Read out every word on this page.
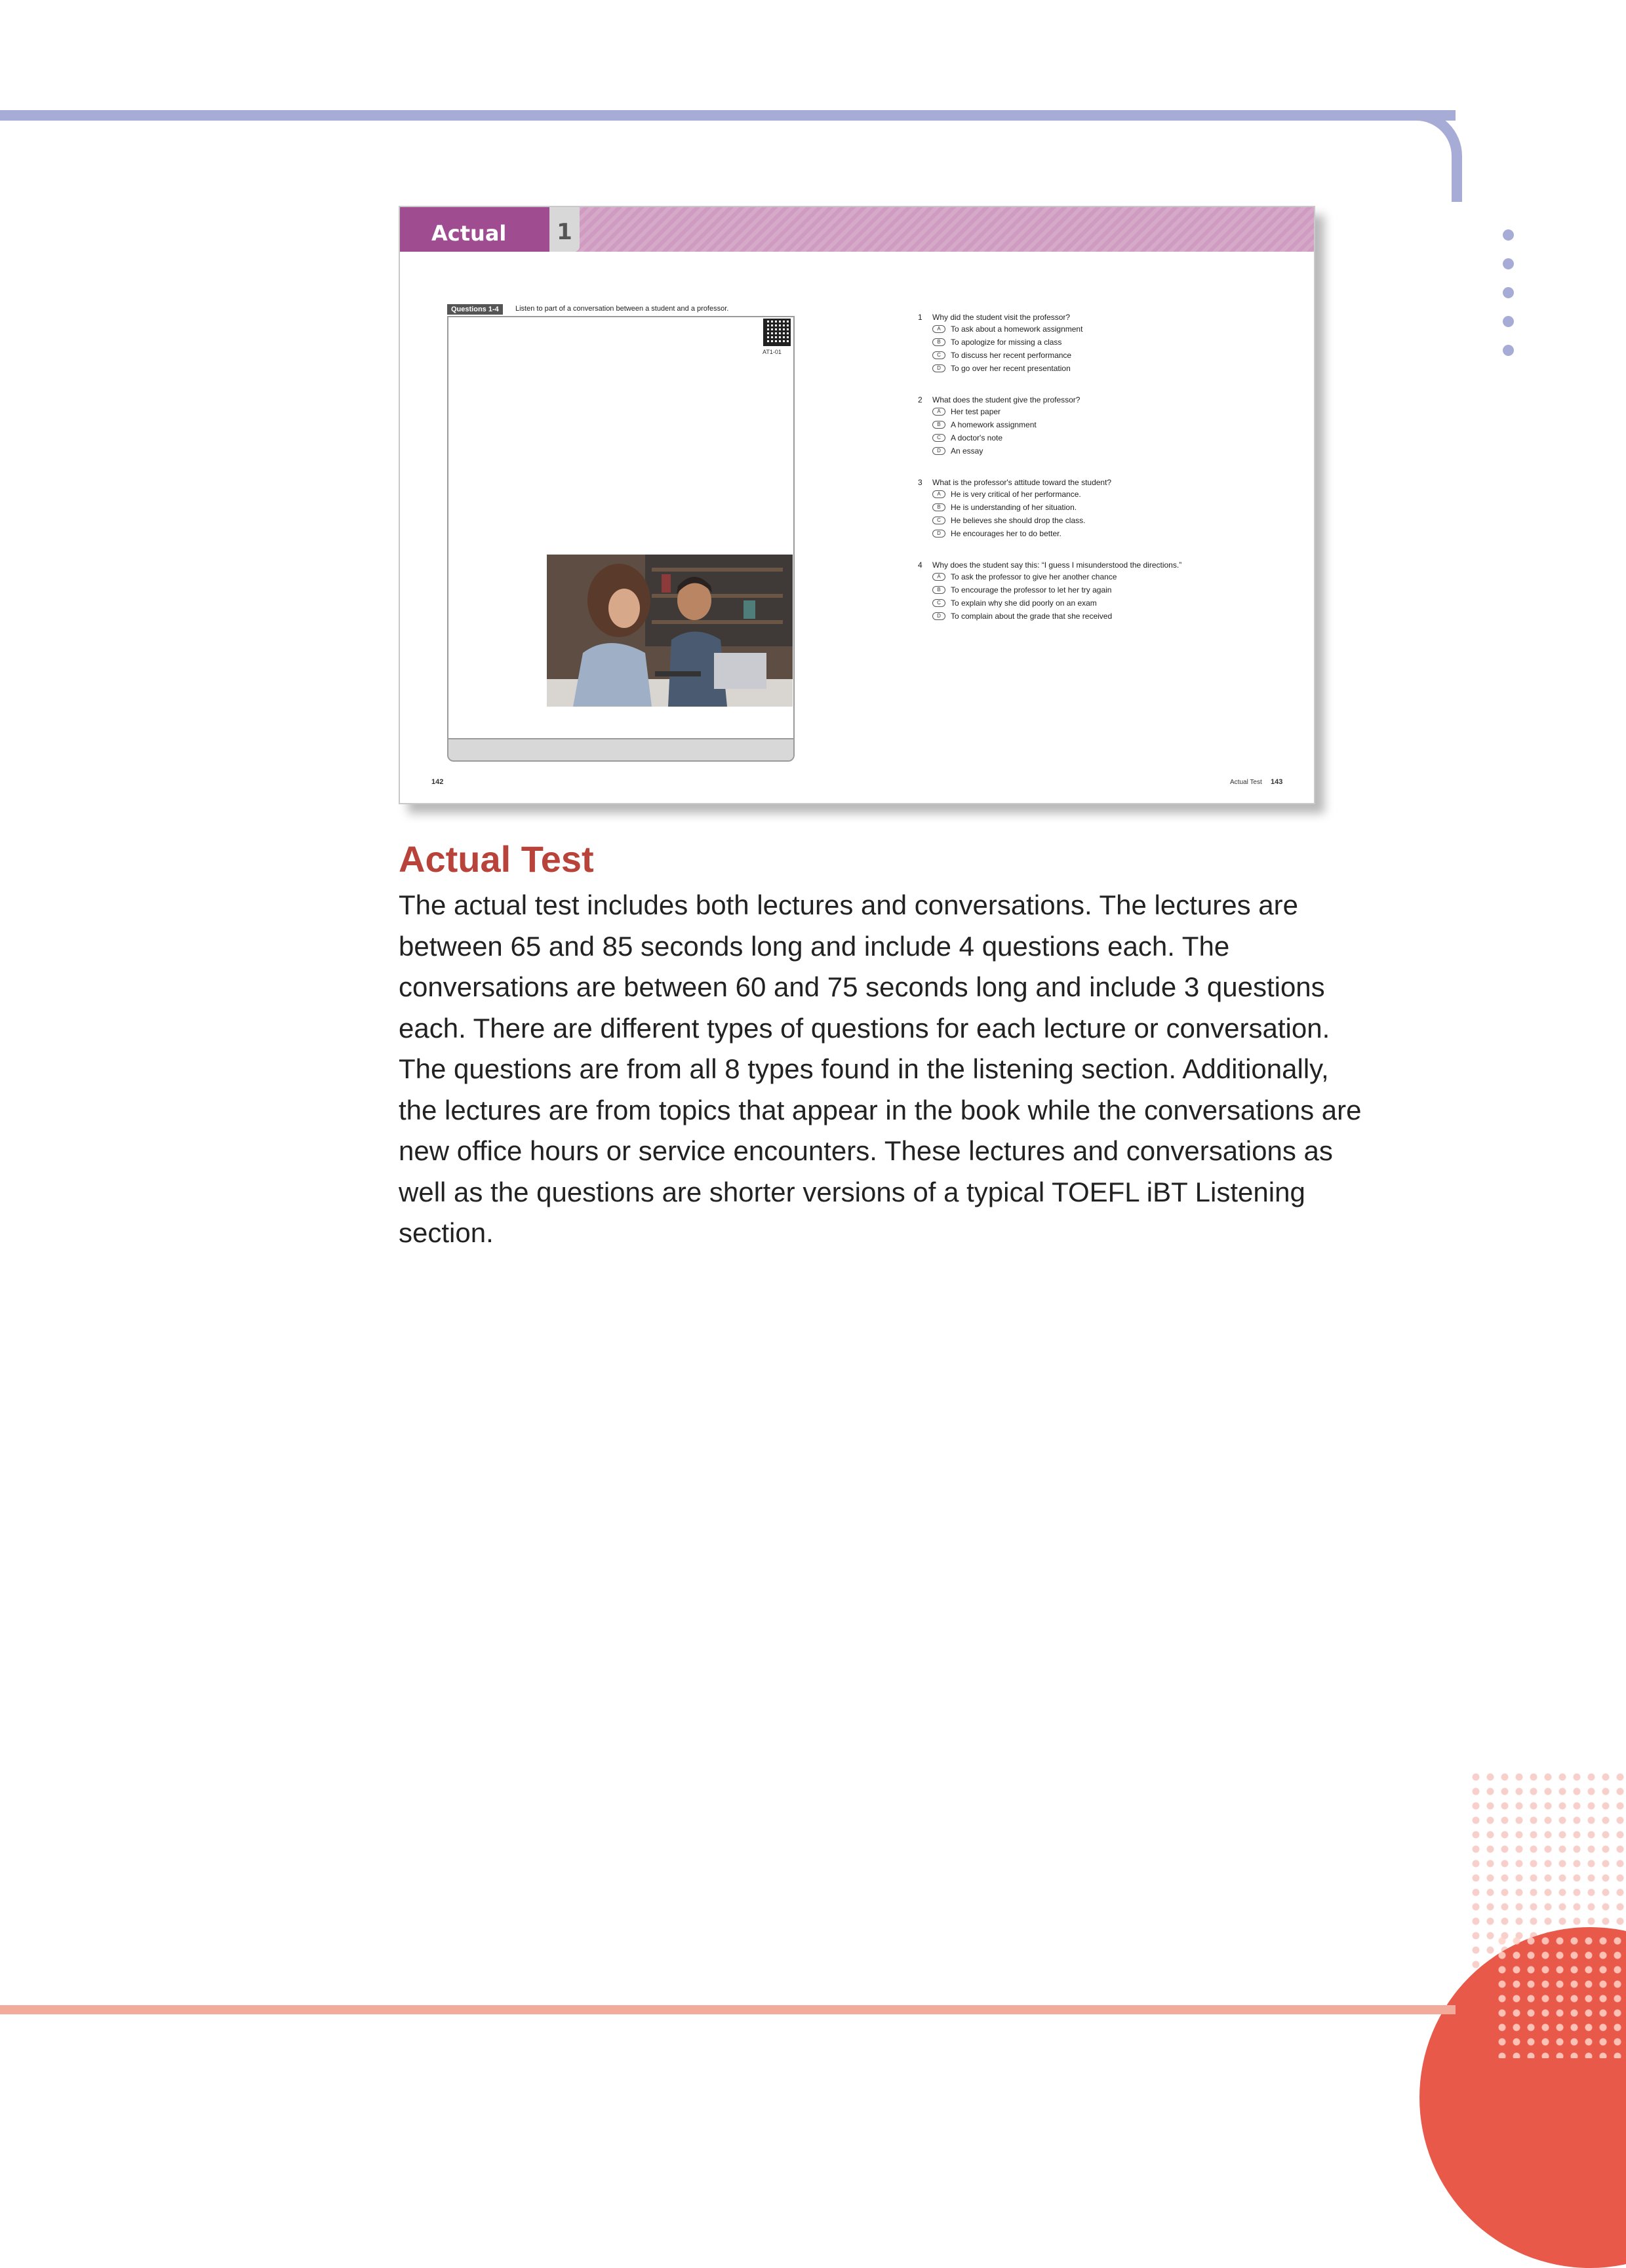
Actual Test
1
Questions 1-4	Listen to part of a conversation between a student and a professor.
AT1-01
1 Why did the student visit the professor?
A	To ask about a homework assignment
B	To apologize for missing a class
C	To discuss her recent performance
D	To go over her recent presentation
2 What does the student give the professor?
A	Her test paper
B	A homework assignment
C	A doctor's note
D	An essay
3 What is the professor's attitude toward the student?
A	He is very critical of her performance.
B	He is understanding of her situation.
C	He believes she should drop the class.
D	He encourages her to do better.
4 Why does the student say this: “I guess I misunderstood the directions.”
A	To ask the professor to give her another chance
B	To encourage the professor to let her try again
C	To explain why she did poorly on an exam
D	To complain about the grade that she received
142	Actual Test 143
Actual Test

The actual test includes both lectures and conversations. The lectures are between 65 and 85 seconds long and include 4 questions each. The conversations are between 60 and 75 seconds long and include 3 questions each. There are different types of questions for each lecture or conversation. The questions are from all 8 types found in the listening section. Additionally, the lectures are from topics that appear in the book while the conversations are new office hours or service encounters. These lectures and conversations as well as the questions are shorter versions of a typical TOEFL iBT Listening section.
